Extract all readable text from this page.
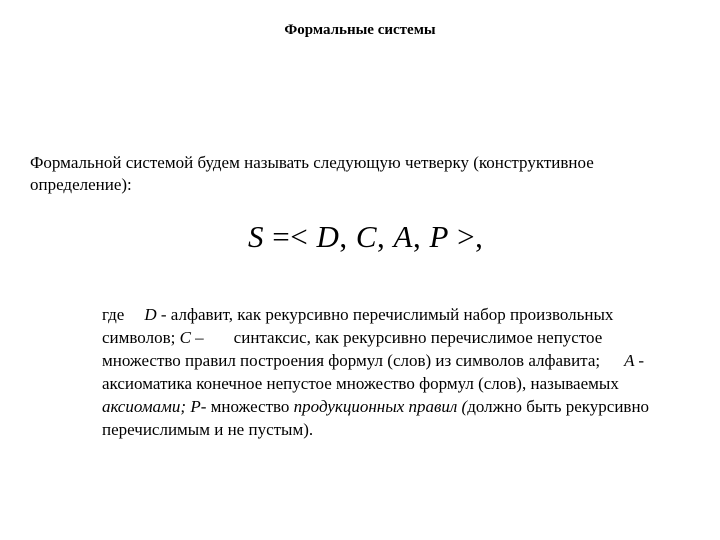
Формальные системы
Формальной системой будем называть следующую четверку (конструктивное определение):
S =< D, C, A, P >,
где D - алфавит, как рекурсивно перечислимый набор произвольных
символов; C – синтаксис, как рекурсивно перечислимое непустое
множество правил построения формул (слов) из символов алфавита; A -
аксиоматика конечное непустое множество формул (слов), называемых
аксиомами; P- множество продукционных правил (должно быть рекурсивно
перечислимым и не пустым).
